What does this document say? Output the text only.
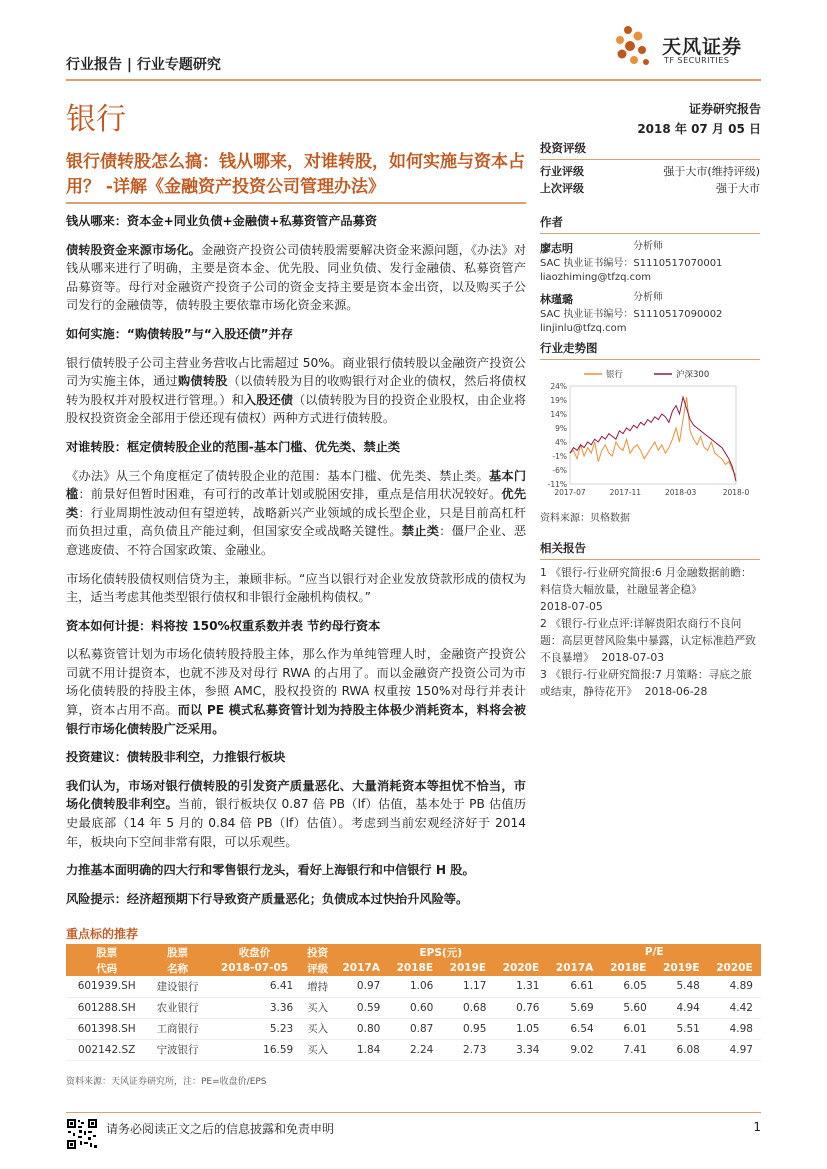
行业报告 | 行业专题研究
天风证券
TF SECURITIES
银行	证券研究报告
2018 年 07 月 05 日
银行债转股怎么搞：钱从哪来，对谁转股，如何实施与资本占用？ -详解《金融资产投资公司管理办法》
钱从哪来：资本金+同业负债+金融债+私募资管产品募资

债转股资金来源市场化。金融资产投资公司债转股需要解决资金来源问题，《办法》对钱从哪来进行了明确，主要是资本金、优先股、同业负债、发行金融债、私募资管产品募资等。母行对金融资产投资子公司的资金支持主要是资本金出资，以及购买子公司发行的金融债等，债转股主要依靠市场化资金来源。

如何实施：“购债转股”与“入股还债”并存

银行债转股子公司主营业务营收占比需超过 50%。商业银行债转股以金融资产投资公司为实施主体，通过购债转股（以债转股为目的收购银行对企业的债权，然后将债权转为股权并对股权进行管理。）和入股还债（以债转股为目的投资企业股权，由企业将股权投资资金全部用于偿还现有债权）两种方式进行债转股。

对谁转股：框定债转股企业的范围-基本门槛、优先类、禁止类

《办法》从三个角度框定了债转股企业的范围：基本门槛、优先类、禁止类。基本门槛：前景好但暂时困难，有可行的改革计划或脱困安排，重点是信用状况较好。优先类：行业周期性波动但有望逆转，战略新兴产业领域的成长型企业，只是目前高杠杆而负担过重，高负债且产能过剩，但国家安全或战略关键性。禁止类：僵尸企业、恶意逃废债、不符合国家政策、金融业。

市场化债转股债权则信贷为主，兼顾非标。“应当以银行对企业发放贷款形成的债权为主，适当考虑其他类型银行债权和非银行金融机构债权。”

资本如何计提：料将按 150%权重系数并表 节约母行资本

以私募资管计划为市场化债转股持股主体，那么作为单纯管理人时，金融资产投资公司就不用计提资本，也就不涉及对母行 RWA 的占用了。而以金融资产投资公司为市场化债转股的持股主体，参照 AMC，股权投资的 RWA 权重按 150%对母行并表计算，资本占用不高。而以 PE 模式私募资管计划为持股主体极少消耗资本，料将会被银行市场化债转股广泛采用。

投资建议：债转股非利空，力推银行板块

我们认为，市场对银行债转股的引发资产质量恶化、大量消耗资本等担忧不恰当，市场化债转股非利空。当前，银行板块仅 0.87 倍 PB（lf）估值，基本处于 PB 估值历史最底部（14 年 5 月的 0.84 倍 PB（lf）估值）。考虑到当前宏观经济好于 2014 年，板块向下空间非常有限，可以乐观些。

力推基本面明确的四大行和零售银行龙头，看好上海银行和中信银行 H 股。

风险提示：经济超预期下行导致资产质量恶化；负债成本过快抬升风险等。

投资评级
行业评级	强于大市(维持评级)
上次评级	强于大市
作者
廖志明	分析师
SAC 执业证书编号：S1110517070001
liaozhiming@tfzq.com
林瑾璐	分析师
SAC 执业证书编号：S1110517090002
linjinlu@tfzq.com
行业走势图
24%
19%
14%
9%
4%
-1%
-6%
-11%
2017-07	2017-11	2018-03	2018-0
银行	沪深300
资料来源：贝格数据
相关报告
1 《银行-行业研究简报:6 月金融数据前瞻：料信贷大幅放量，社融显著企稳》
2018-07-05
2 《银行-行业点评:详解贵阳农商行不良问题：高层更替风险集中暴露，认定标准趋严致不良暴增》 2018-07-03
3 《银行-行业研究简报:7 月策略：寻底之旅或结束，静待花开》 2018-06-28
重点标的推荐
股票	股票	收盘价	投资	EPS(元)				P/E			
代码	名称	2018-07-05	评级	2017A	2018E	2019E	2020E	2017A	2018E	2019E	2020E
601939.SH	建设银行	6.41	增持	0.97	1.06	1.17	1.31	6.61	6.05	5.48	4.89
601288.SH	农业银行	3.36	买入	0.59	0.60	0.68	0.76	5.69	5.60	4.94	4.42
601398.SH	工商银行	5.23	买入	0.80	0.87	0.95	1.05	6.54	6.01	5.51	4.98
002142.SZ	宁波银行	16.59	买入	1.84	2.24	2.73	3.34	9.02	7.41	6.08	4.97
资料来源：天风证券研究所，注：PE=收盘价/EPS
请务必阅读正文之后的信息披露和免责申明	1
